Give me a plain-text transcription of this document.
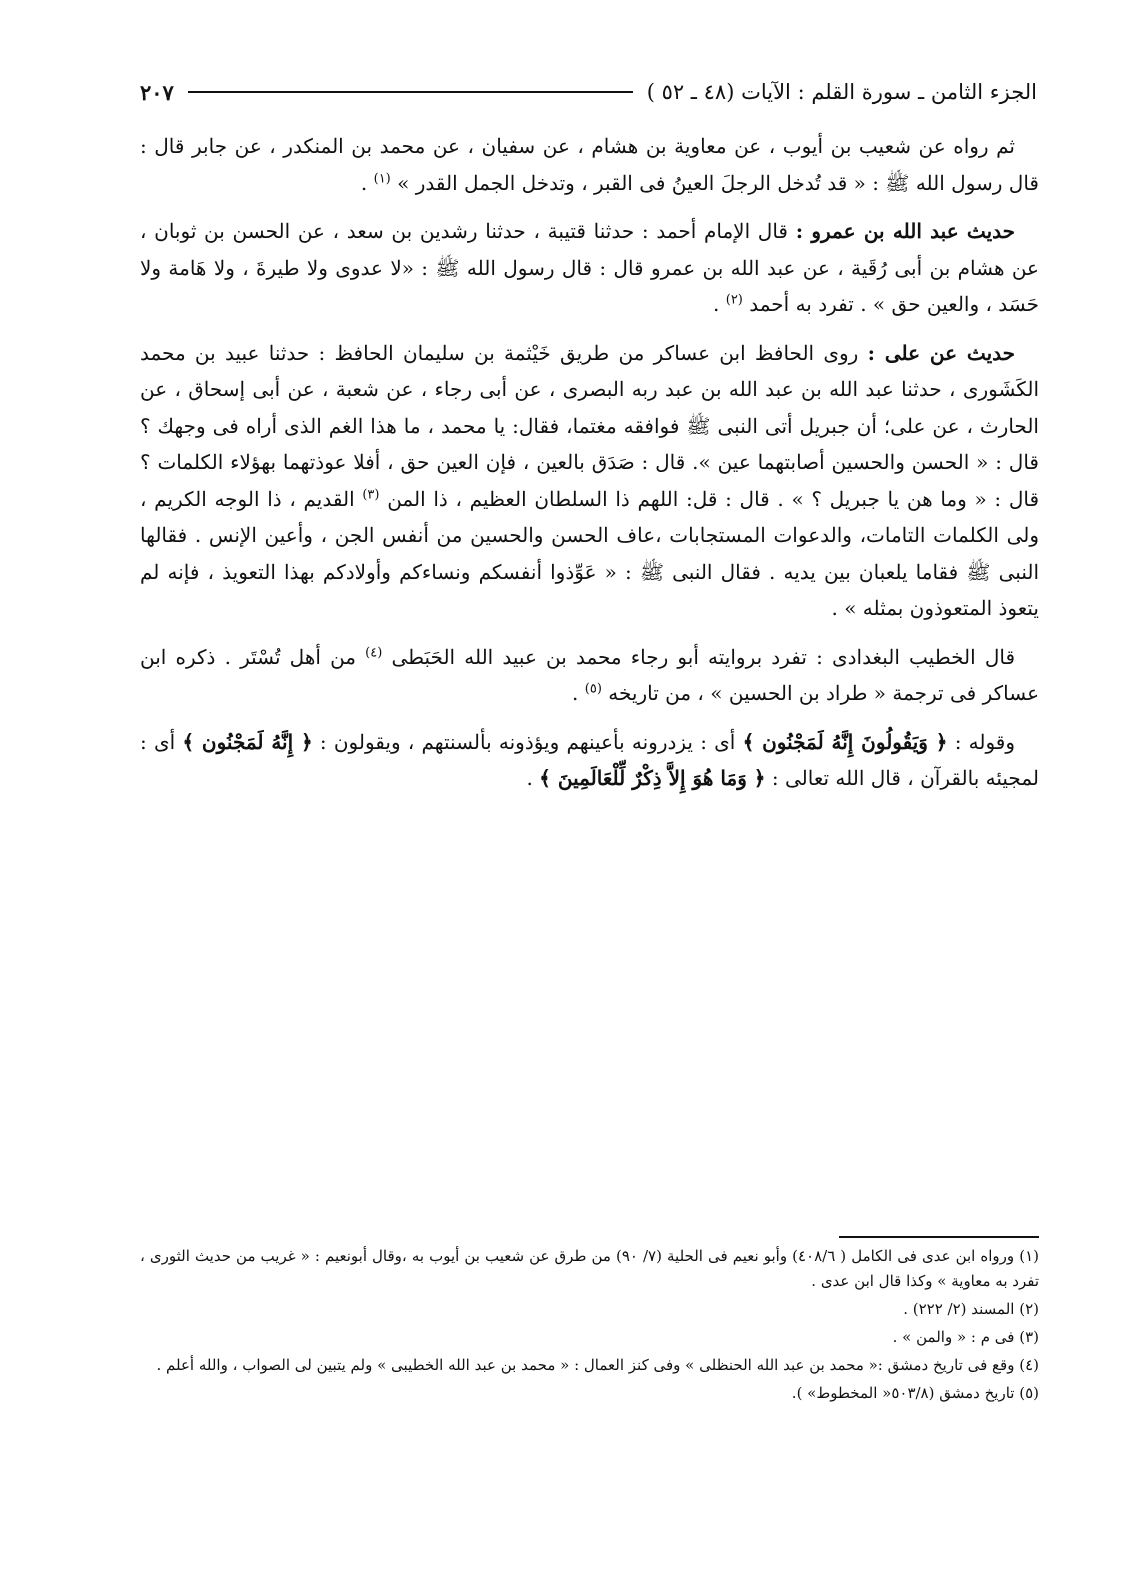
الجزء الثامن ـ سورة القلم : الآيات (٤٨ ـ ٥٢ )
٢٠٧

ثم رواه عن شعيب بن أيوب ، عن معاوية بن هشام ، عن سفيان ، عن محمد بن المنكدر ، عن جابر قال : قال رسول الله ﷺ : « قد تُدخل الرجلَ العينُ فى القبر ، وتدخل الجمل القدر » $^{(١)}$ .

حديث عبد الله بن عمرو : قال الإمام أحمد : حدثنا قتيبة ، حدثنا رشدين بن سعد ، عن الحسن بن ثوبان ، عن هشام بن أبى رُقَية ، عن عبد الله بن عمرو قال : قال رسول الله ﷺ : «لا عدوى ولا طيرةَ ، ولا هَامة ولا حَسَد ، والعين حق » . تفرد به أحمد $^{(٢)}$ .

حديث عن على : روى الحافظ ابن عساكر من طريق خَيْثمة بن سليمان الحافظ : حدثنا عبيد بن محمد الكَشَورى ، حدثنا عبد الله بن عبد الله بن عبد ربه البصرى ، عن أبى رجاء ، عن شعبة ، عن أبى إسحاق ، عن الحارث ، عن على؛ أن جبريل أتى النبى ﷺ فوافقه مغتما، فقال: يا محمد ، ما هذا الغم الذى أراه فى وجهك ؟ قال : « الحسن والحسين أصابتهما عين ». قال : صَدَق بالعين ، فإن العين حق ، أفلا عوذتهما بهؤلاء الكلمات ؟ قال : « وما هن يا جبريل ؟ » . قال : قل: اللهم ذا السلطان العظيم ، ذا المن $^{(٣)}$ القديم ، ذا الوجه الكريم ، ولى الكلمات التامات، والدعوات المستجابات ،عاف الحسن والحسين من أنفس الجن ، وأعين الإنس . فقالها النبى ﷺ فقاما يلعبان بين يديه . فقال النبى ﷺ : « عَوِّذوا أنفسكم ونساءكم وأولادكم بهذا التعويذ ، فإنه لم يتعوذ المتعوذون بمثله » .

قال الخطيب البغدادى : تفرد بروايته أبو رجاء محمد بن عبيد الله الحَبَطى $^{(٤)}$ من أهل تُسْتَر . ذكره ابن عساكر فى ترجمة « طراد بن الحسين » ، من تاريخه $^{(٥)}$ .

وقوله : ﴿ وَيَقُولُونَ إِنَّهُ لَمَجْنُون ﴾ أى : يزدرونه بأعينهم ويؤذونه بألسنتهم ، ويقولون : ﴿ إِنَّهُ لَمَجْنُون ﴾ أى : لمجيئه بالقرآن ، قال الله تعالى : ﴿ وَمَا هُوَ إِلاَّ ذِكْرٌ لِّلْعَالَمِينَ ﴾ .

(١) ورواه ابن عدى فى الكامل ( ٤٠٨/٦) وأبو نعيم فى الحلية (٧/ ٩٠) من طرق عن شعيب بن أيوب به ،وقال أبونعيم : « غريب من حديث الثورى ، تفرد به معاوية » وكذا قال ابن عدى .
(٢) المسند (٢/ ٢٢٢) .
(٣) فى م : « والمن » .
(٤) وقع فى تاريخ دمشق :« محمد بن عبد الله الحنظلى » وفى كنز العمال : « محمد بن عبد الله الخطيبى » ولم يتبين لى الصواب ، والله أعلم .
(٥) تاريخ دمشق (٥٠٣/٨« المخطوط» ).
